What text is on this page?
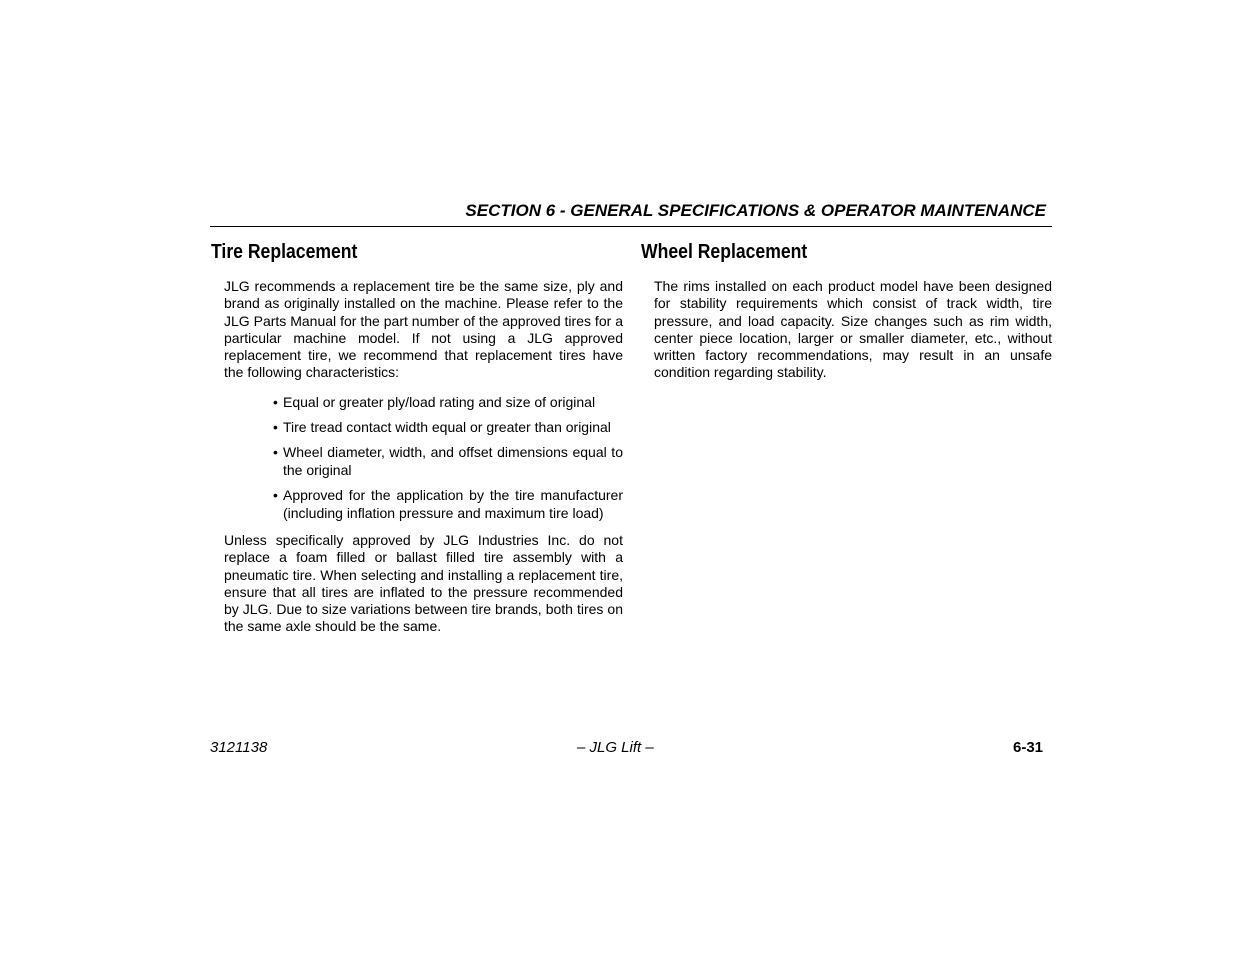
SECTION 6 - GENERAL SPECIFICATIONS & OPERATOR MAINTENANCE
Tire Replacement

JLG recommends a replacement tire be the same size, ply and brand as originally installed on the machine. Please refer to the JLG Parts Manual for the part number of the approved tires for a particular machine model. If not using a JLG approved replacement tire, we recommend that replacement tires have the following characteristics:

• Equal or greater ply/load rating and size of original
• Tire tread contact width equal or greater than original
• Wheel diameter, width, and offset dimensions equal to the original
• Approved for the application by the tire manufacturer (including inflation pressure and maximum tire load)

Unless specifically approved by JLG Industries Inc. do not replace a foam filled or ballast filled tire assembly with a pneumatic tire. When selecting and installing a replacement tire, ensure that all tires are inflated to the pressure recommended by JLG. Due to size variations between tire brands, both tires on the same axle should be the same.

Wheel Replacement

The rims installed on each product model have been designed for stability requirements which consist of track width, tire pressure, and load capacity. Size changes such as rim width, center piece location, larger or smaller diameter, etc., without written factory recommendations, may result in an unsafe condition regarding stability.

3121138	– JLG Lift –	6-31
